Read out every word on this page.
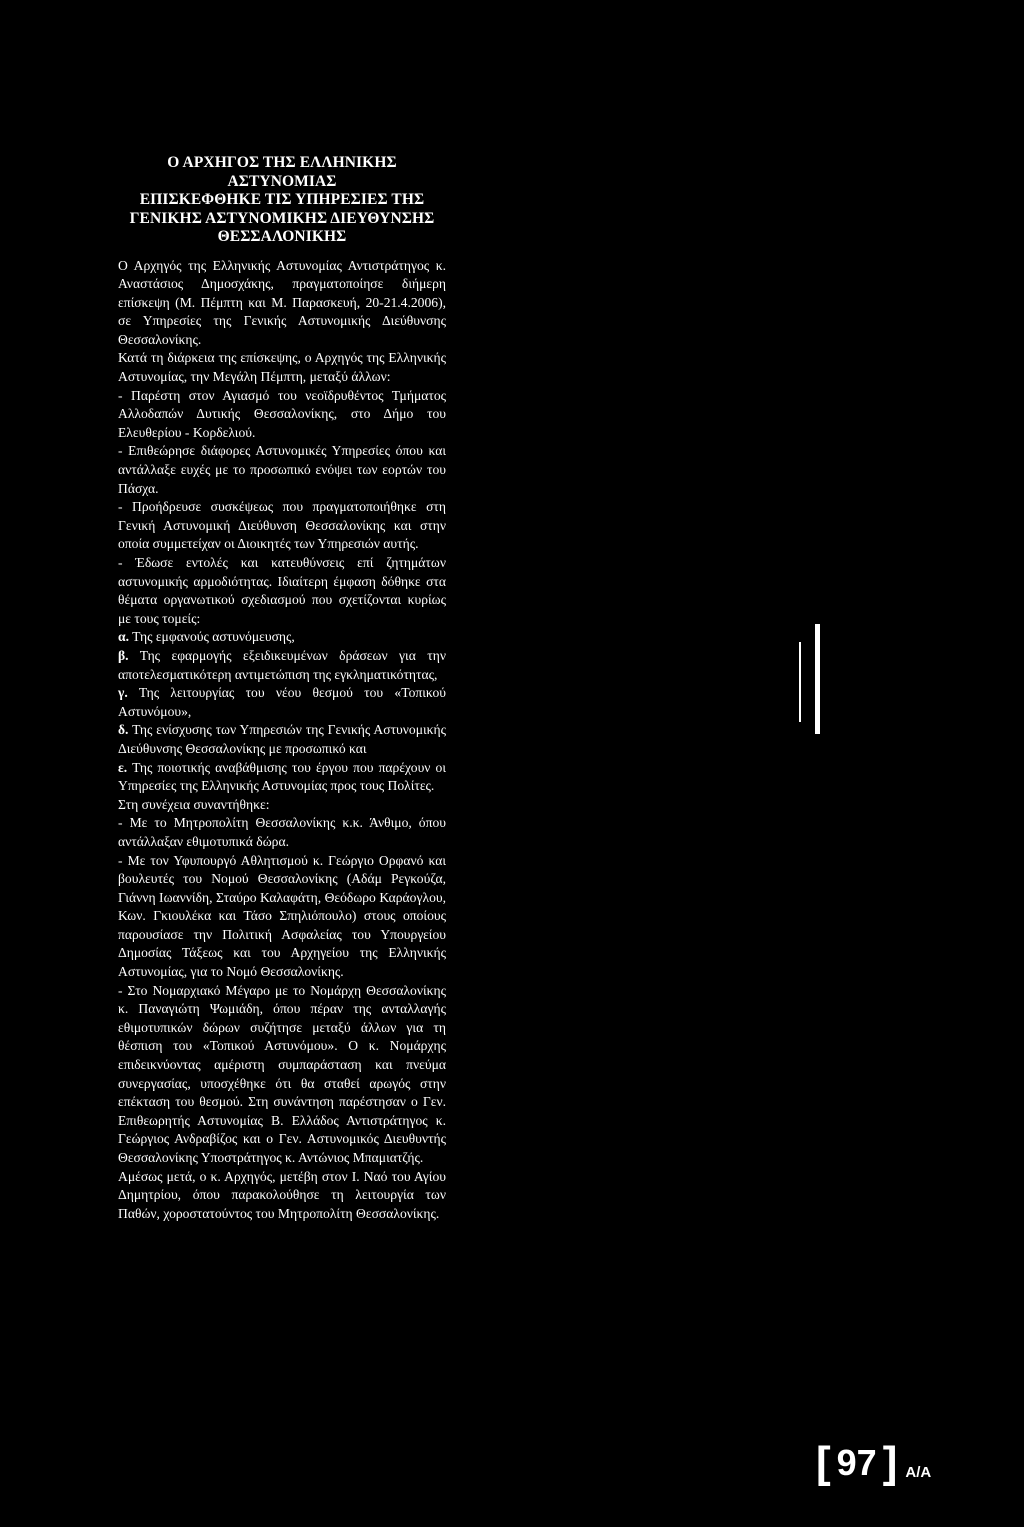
Ο ΑΡΧΗΓΟΣ ΤΗΣ ΕΛΛΗΝΙΚΗΣ ΑΣΤΥΝΟΜΙΑΣ
ΕΠΙΣΚΕΦΘΗΚΕ ΤΙΣ ΥΠΗΡΕΣΙΕΣ ΤΗΣ
ΓΕΝΙΚΗΣ ΑΣΤΥΝΟΜΙΚΗΣ ΔΙΕΥΘΥΝΣΗΣ
ΘΕΣΣΑΛΟΝΙΚΗΣ

Ο Αρχηγός της Ελληνικής Αστυνομίας Αντιστράτηγος κ. Αναστάσιος Δημοσχάκης, πραγματοποίησε διήμερη επίσκεψη (Μ. Πέμπτη και Μ. Παρασκευή, 20-21.4.2006), σε Υπηρεσίες της Γενικής Αστυνομικής Διεύθυνσης Θεσσαλονίκης.

Κατά τη διάρκεια της επίσκεψης, ο Αρχηγός της Ελληνικής Αστυνομίας, την Μεγάλη Πέμπτη, μεταξύ άλλων:

- Παρέστη στον Αγιασμό του νεοϊδρυθέντος Τμήματος Αλλοδαπών Δυτικής Θεσσαλονίκης, στο Δήμο του Ελευθερίου - Κορδελιού.

- Επιθεώρησε διάφορες Αστυνομικές Υπηρεσίες όπου και αντάλλαξε ευχές με το προσωπικό ενόψει των εορτών του Πάσχα.

- Προήδρευσε συσκέψεως που πραγματοποιήθηκε στη Γενική Αστυνομική Διεύθυνση Θεσσαλονίκης και στην οποία συμμετείχαν οι Διοικητές των Υπηρεσιών αυτής.

- Έδωσε εντολές και κατευθύνσεις επί ζητημάτων αστυνομικής αρμοδιότητας. Ιδιαίτερη έμφαση δόθηκε στα θέματα οργανωτικού σχεδιασμού που σχετίζονται κυρίως με τους τομείς:

α. Της εμφανούς αστυνόμευσης,

β. Της εφαρμογής εξειδικευμένων δράσεων για την αποτελεσματικότερη αντιμετώπιση της εγκληματικότητας,

γ. Της λειτουργίας του νέου θεσμού του «Τοπικού Αστυνόμου»,

δ. Της ενίσχυσης των Υπηρεσιών της Γενικής Αστυνομικής Διεύθυνσης Θεσσαλονίκης με προσωπικό και

ε. Της ποιοτικής αναβάθμισης του έργου που παρέχουν οι Υπηρεσίες της Ελληνικής Αστυνομίας προς τους Πολίτες.

Στη συνέχεια συναντήθηκε:

- Με το Μητροπολίτη Θεσσαλονίκης κ.κ. Άνθιμο, όπου αντάλλαξαν εθιμοτυπικά δώρα.

- Με τον Υφυπουργό Αθλητισμού κ. Γεώργιο Ορφανό και βουλευτές του Νομού Θεσσαλονίκης (Αδάμ Ρεγκούζα, Γιάννη Ιωαννίδη, Σταύρο Καλαφάτη, Θεόδωρο Καράογλου, Κων. Γκιουλέκα και Τάσο Σπηλιόπουλο) στους οποίους παρουσίασε την Πολιτική Ασφαλείας του Υπουργείου Δημοσίας Τάξεως και του Αρχηγείου της Ελληνικής Αστυνομίας, για το Νομό Θεσσαλονίκης.

- Στο Νομαρχιακό Μέγαρο με το Νομάρχη Θεσσαλονίκης κ. Παναγιώτη Ψωμιάδη, όπου πέραν της ανταλλαγής εθιμοτυπικών δώρων συζήτησε μεταξύ άλλων για τη θέσπιση του «Τοπικού Αστυνόμου». Ο κ. Νομάρχης επιδεικνύοντας αμέριστη συμπαράσταση και πνεύμα συνεργασίας, υποσχέθηκε ότι θα σταθεί αρωγός στην επέκταση του θεσμού. Στη συνάντηση παρέστησαν ο Γεν. Επιθεωρητής Αστυνομίας Β. Ελλάδος Αντιστράτηγος κ. Γεώργιος Ανδραβίζος και ο Γεν. Αστυνομικός Διευθυντής Θεσσαλονίκης Υποστράτηγος κ. Αντώνιος Μπαμιατζής.

Αμέσως μετά, ο κ. Αρχηγός, μετέβη στον Ι. Ναό του Αγίου Δημητρίου, όπου παρακολούθησε τη λειτουργία των Παθών, χοροστατούντος του Μητροπολίτη Θεσσαλονίκης.

[ 97 ] Α/Α
